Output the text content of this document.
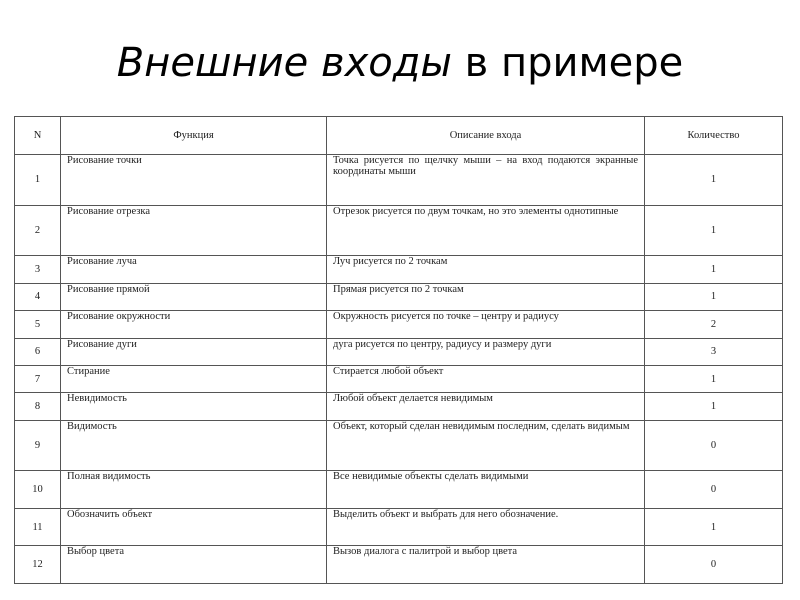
Внешние входы в примере
N	Функция	Описание входа	Количество
1	Рисование точки	Точка рисуется по щелчку мыши – на вход подаются экранные координаты мыши	1
2	Рисование отрезка	Отрезок рисуется по двум точкам, но это элементы однотипные	1
3	Рисование луча	Луч рисуется по 2 точкам	1
4	Рисование прямой	Прямая рисуется по 2 точкам	1
5	Рисование окружности	Окружность рисуется по точке – центру и радиусу	2
6	Рисование дуги	дуга рисуется по центру, радиусу и размеру дуги	3
7	Стирание	Стирается любой объект	1
8	Невидимость	Любой объект делается невидимым	1
9	Видимость	Объект, который сделан невидимым последним, сделать видимым	0
10	Полная видимость	Все невидимые объекты сделать видимыми	0
11	Обозначить объект	Выделить объект и выбрать для него обозначение.	1
12	Выбор цвета	Вызов диалога с палитрой и выбор цвета	0
